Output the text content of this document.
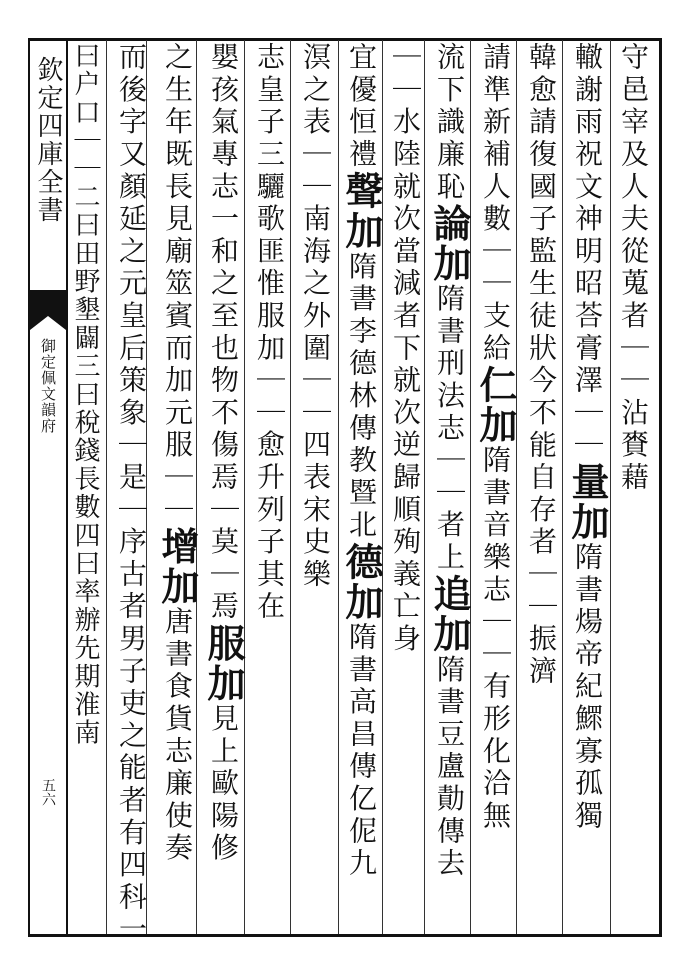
欽定四庫全書
御定佩文韻府
五六
守邑宰及人夫從蒐者｜｜沾賚藉
轍謝雨祝文神明昭荅膏澤｜｜量加隋書煬帝紀鰥寡孤獨
韓愈請復國子監生徒狀今不能自存者｜｜振濟
請準新補人數｜｜支給仁加隋書音樂志｜｜有形化洽無
流下識廉恥論加隋書刑法志｜｜者上追加隋書豆盧勣傳去
｜｜水陸就次當減者下就次逆歸順殉義亡身
宜優恒禮聲加隋書李德林傳教暨北德加隋書高昌傳亿伲九
溟之表｜｜南海之外圍｜｜四表宋史樂
志皇子三驪歌匪惟服加｜｜愈升列子其在
嬰孩氣專志一和之至也物不傷焉｜莫｜焉服加見上歐陽修
之生年既長見廟筮賓而加元服｜｜增加唐書食貨志廉使奏
而後字又顏延之元皇后策象｜是｜序古者男子吏之能者有四科一
曰户口｜｜二曰田野墾闢三曰稅錢長數四曰率辦先期淮南
